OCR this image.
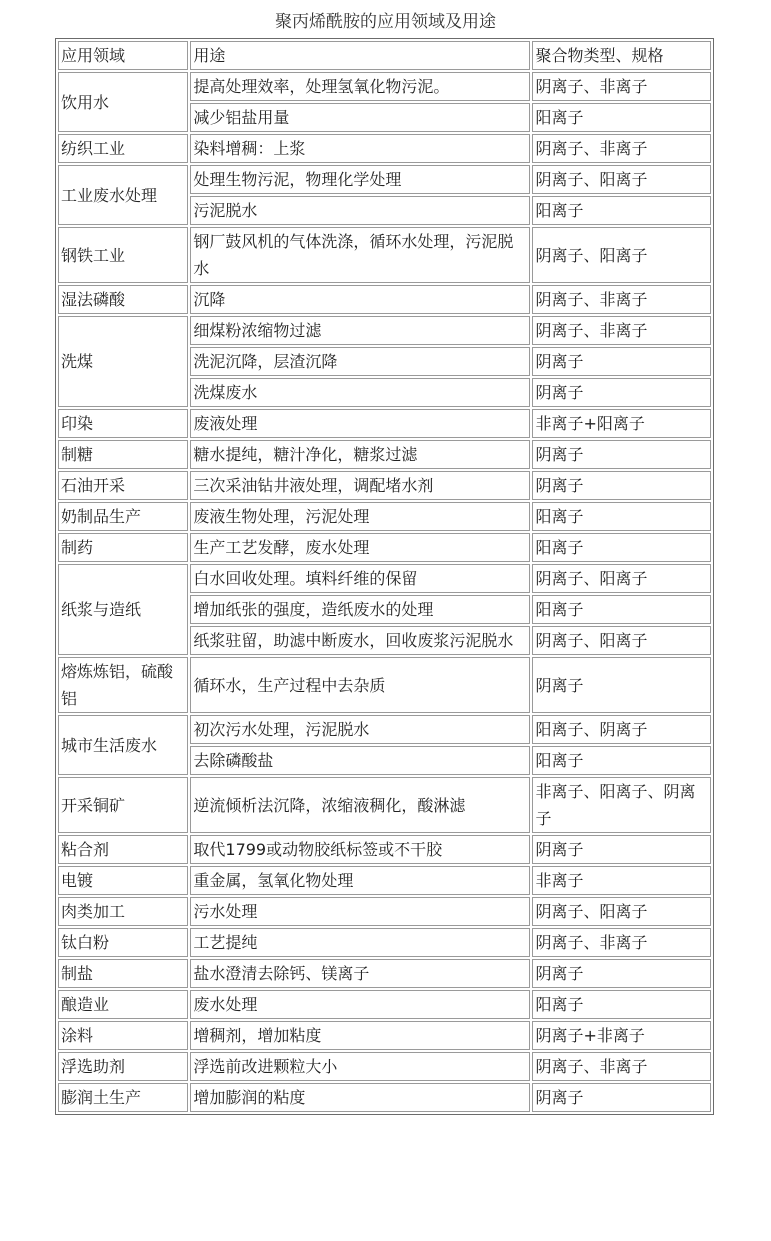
聚丙烯酰胺的应用领域及用途
应用领域	用途	聚合物类型、规格
饮用水	提高处理效率，处理氢氧化物污泥。	阴离子、非离子
	减少铝盐用量	阳离子
纺织工业	染料增稠：上浆	阴离子、非离子
工业废水处理	处理生物污泥，物理化学处理	阴离子、阳离子
	污泥脱水	阳离子
钢铁工业	钢厂鼓风机的气体洗涤，循环水处理，污泥脱水	阴离子、阳离子
湿法磷酸	沉降	阴离子、非离子
洗煤	细煤粉浓缩物过滤	阴离子、非离子
	洗泥沉降，层渣沉降	阴离子
	洗煤废水	阴离子
印染	废液处理	非离子+阳离子
制糖	糖水提纯，糖汁净化，糖浆过滤	阴离子
石油开采	三次采油钻井液处理，调配堵水剂	阴离子
奶制品生产	废液生物处理，污泥处理	阳离子
制药	生产工艺发酵，废水处理	阳离子
纸浆与造纸	白水回收处理。填料纤维的保留	阴离子、阳离子
	增加纸张的强度，造纸废水的处理	阳离子
	纸浆驻留，助滤中断废水，回收废浆污泥脱水	阴离子、阳离子
熔炼炼铝，硫酸铝	循环水，生产过程中去杂质	阴离子
城市生活废水	初次污水处理，污泥脱水	阳离子、阴离子
	去除磷酸盐	阳离子
开采铜矿	逆流倾析法沉降，浓缩液稠化，酸淋滤	非离子、阳离子、阴离子
粘合剂	取代1799或动物胶纸标签或不干胶	阴离子
电镀	重金属，氢氧化物处理	非离子
肉类加工	污水处理	阴离子、阳离子
钛白粉	工艺提纯	阴离子、非离子
制盐	盐水澄清去除钙、镁离子	阴离子
酿造业	废水处理	阳离子
涂料	增稠剂，增加粘度	阴离子+非离子
浮选助剂	浮选前改进颗粒大小	阴离子、非离子
膨润土生产	增加膨润的粘度	阴离子
